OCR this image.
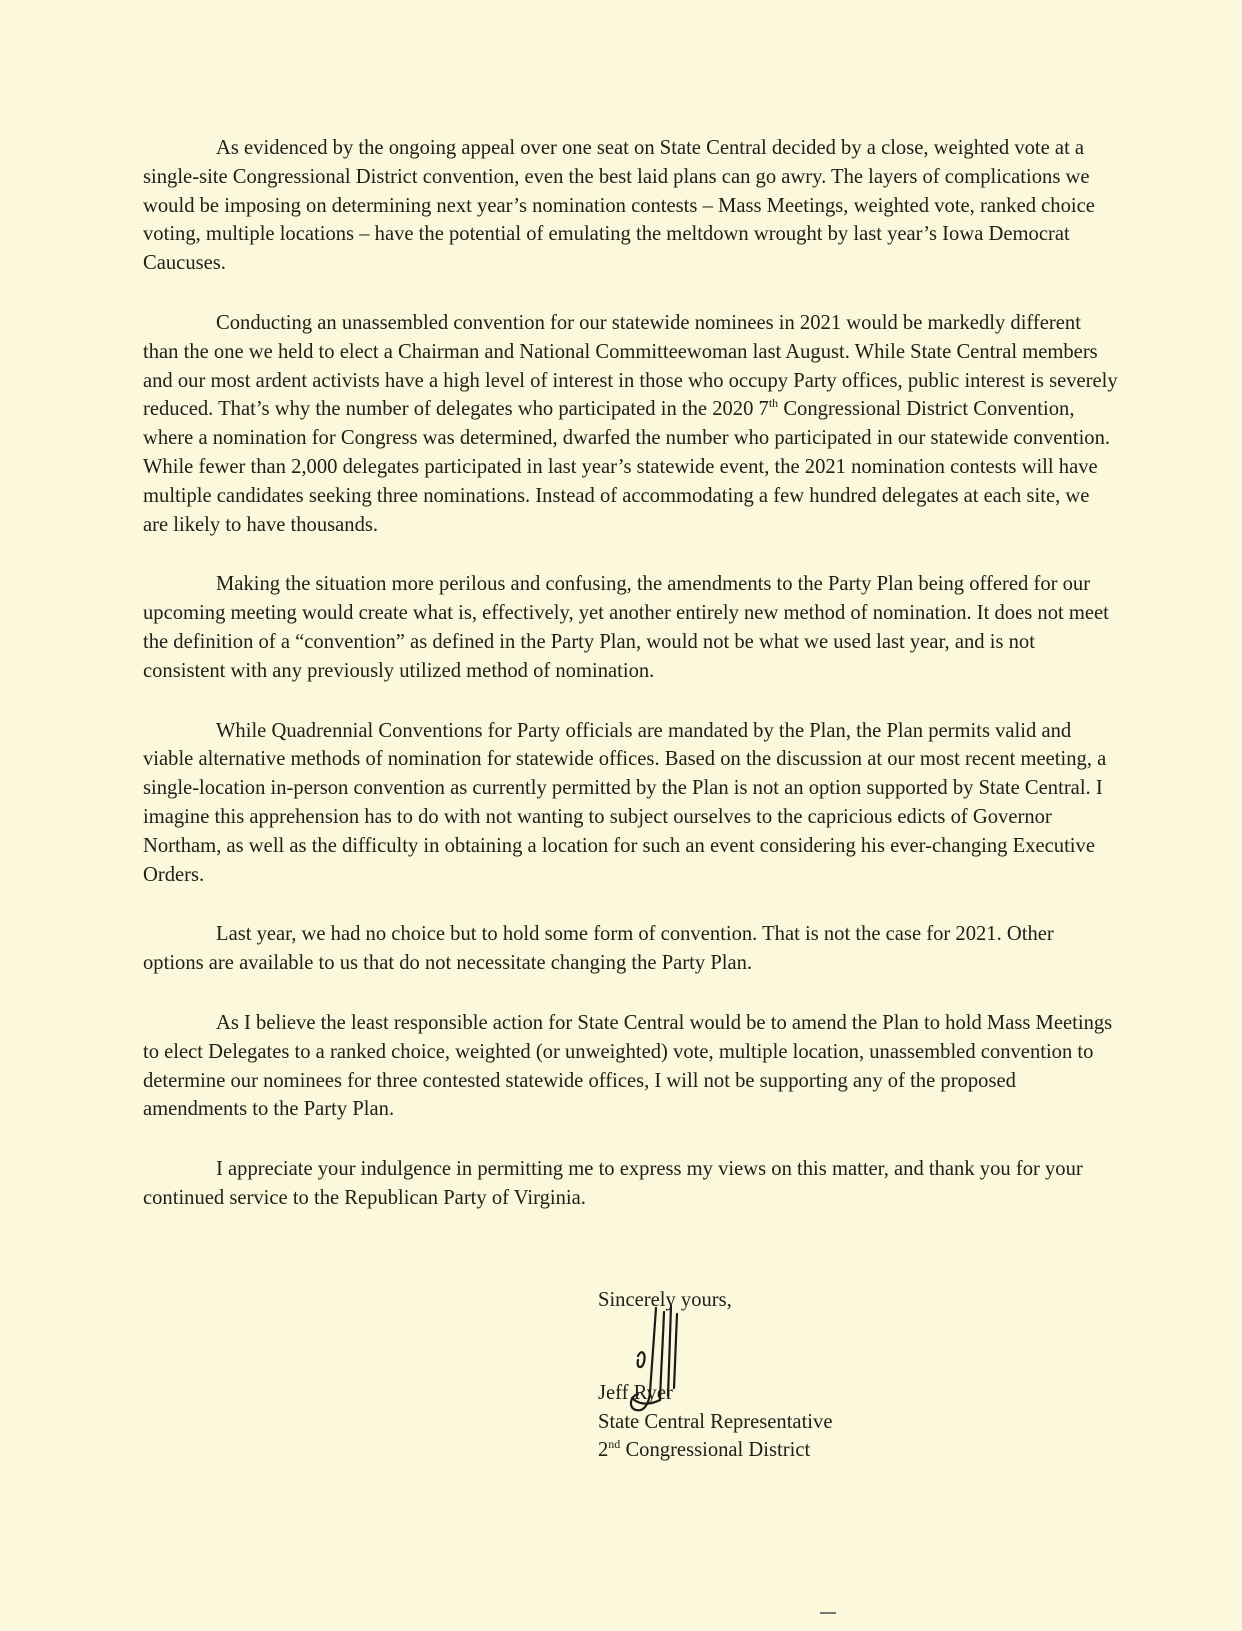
As evidenced by the ongoing appeal over one seat on State Central decided by a close, weighted vote at a single-site Congressional District convention, even the best laid plans can go awry. The layers of complications we would be imposing on determining next year’s nomination contests – Mass Meetings, weighted vote, ranked choice voting, multiple locations – have the potential of emulating the meltdown wrought by last year’s Iowa Democrat Caucuses.

Conducting an unassembled convention for our statewide nominees in 2021 would be markedly different than the one we held to elect a Chairman and National Committeewoman last August. While State Central members and our most ardent activists have a high level of interest in those who occupy Party offices, public interest is severely reduced. That’s why the number of delegates who participated in the 2020 7th Congressional District Convention, where a nomination for Congress was determined, dwarfed the number who participated in our statewide convention. While fewer than 2,000 delegates participated in last year’s statewide event, the 2021 nomination contests will have multiple candidates seeking three nominations. Instead of accommodating a few hundred delegates at each site, we are likely to have thousands.

Making the situation more perilous and confusing, the amendments to the Party Plan being offered for our upcoming meeting would create what is, effectively, yet another entirely new method of nomination. It does not meet the definition of a “convention” as defined in the Party Plan, would not be what we used last year, and is not consistent with any previously utilized method of nomination.

While Quadrennial Conventions for Party officials are mandated by the Plan, the Plan permits valid and viable alternative methods of nomination for statewide offices. Based on the discussion at our most recent meeting, a single-location in-person convention as currently permitted by the Plan is not an option supported by State Central. I imagine this apprehension has to do with not wanting to subject ourselves to the capricious edicts of Governor Northam, as well as the difficulty in obtaining a location for such an event considering his ever-changing Executive Orders.

Last year, we had no choice but to hold some form of convention. That is not the case for 2021. Other options are available to us that do not necessitate changing the Party Plan.

As I believe the least responsible action for State Central would be to amend the Plan to hold Mass Meetings to elect Delegates to a ranked choice, weighted (or unweighted) vote, multiple location, unassembled convention to determine our nominees for three contested statewide offices, I will not be supporting any of the proposed amendments to the Party Plan.

I appreciate your indulgence in permitting me to express my views on this matter, and thank you for your continued service to the Republican Party of Virginia.

Sincerely yours,
Jeff Ryer
State Central Representative
2nd Congressional District
